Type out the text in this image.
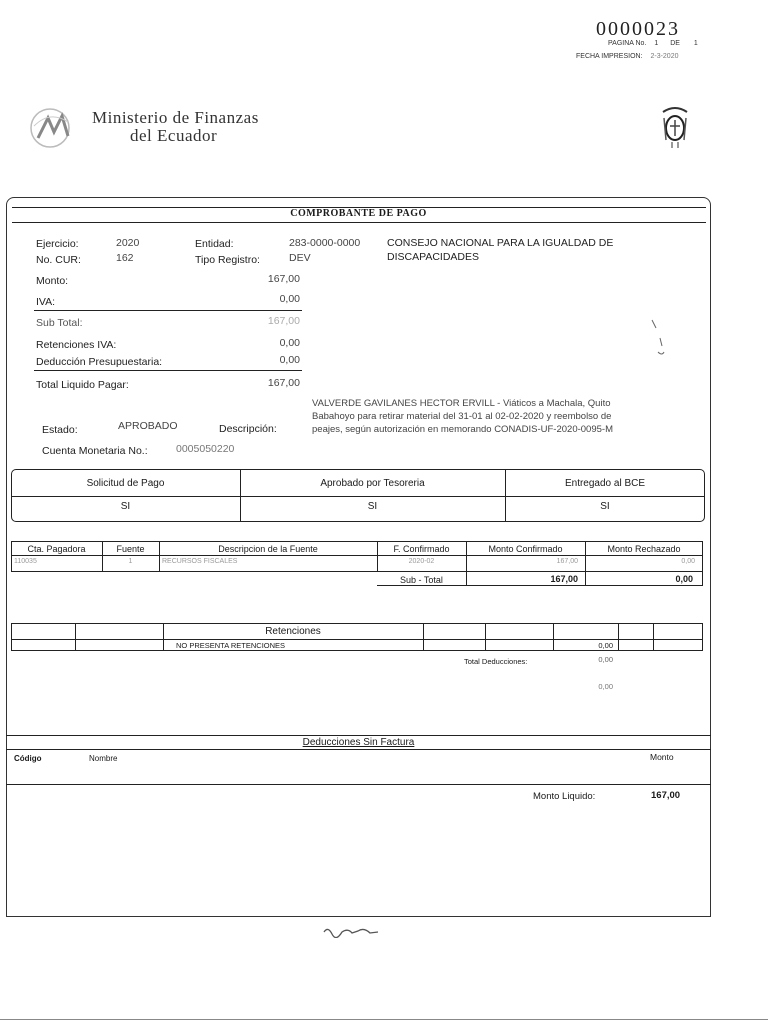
0000023
PAGINA No. 1 DE 1
FECHA IMPRESION: 2-3-2020
Ministerio de Finanzas
del Ecuador
COMPROBANTE DE PAGO
Ejercicio:	2020	Entidad:	283-0000-0000	CONSEJO NACIONAL PARA LA IGUALDAD DE
DISCAPACIDADES
No. CUR:	162	Tipo Registro:	DEV
Monto:	167,00
IVA:	0,00
Sub Total:	167,00
Retenciones IVA:	0,00
Deducción Presupuestaria:	0,00
Total Liquido Pagar:	167,00
VALVERDE GAVILANES HECTOR ERVILL - Viáticos a Machala, Quito
Babahoyo para retirar material del 31-01 al 02-02-2020 y reembolso de
peajes, según autorización en memorando CONADIS-UF-2020-0095-M
Estado:	APROBADO	Descripción:
Cuenta Monetaria No.:	0005050220
Solicitud de Pago	Aprobado por Tesoreria	Entregado al BCE
SI	SI	SI
Cta. Pagadora	Fuente	Descripcion de la Fuente	F. Confirmado	Monto Confirmado	Monto Rechazado
110035	1	RECURSOS FISCALES	2020-02	167,00	0,00
Sub - Total	167,00	0,00
Retenciones
NO PRESENTA RETENCIONES	0,00
Total Deducciones:	0,00
0,00
Deducciones Sin Factura
Código	Nombre	Monto
Monto Liquido:	167,00
